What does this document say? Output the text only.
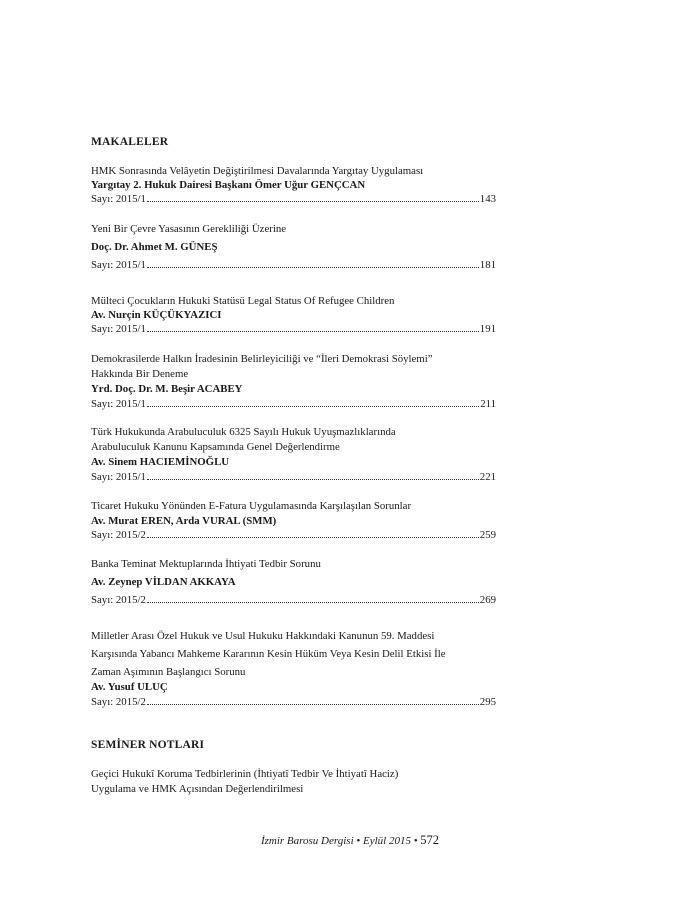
MAKALELER
HMK Sonrasında Velâyetin Değiştirilmesi Davalarında Yargıtay Uygulaması
Yargıtay 2. Hukuk Dairesi Başkanı Ömer Uğur GENÇCAN
Sayı: 2015/1	143
Yeni Bir Çevre Yasasının Gerekliliği Üzerine
Doç. Dr. Ahmet M. GÜNEŞ
Sayı: 2015/1	181
Mülteci Çocukların Hukuki Statüsü Legal Status Of Refugee Children
Av. Nurçin KÜÇÜKYAZICI
Sayı: 2015/1	191
Demokrasilerde Halkın İradesinin Belirleyiciliği ve “İleri Demokrasi Söylemi”
Hakkında Bir Deneme
Yrd. Doç. Dr. M. Beşir ACABEY
Sayı: 2015/1	211
Türk Hukukunda Arabuluculuk 6325 Sayılı Hukuk Uyuşmazlıklarında
Arabuluculuk Kanunu Kapsamında Genel Değerlendirme
Av. Sinem HACIEMİNOĞLU
Sayı: 2015/1	221
Ticaret Hukuku Yönünden E-Fatura Uygulamasında Karşılaşılan Sorunlar
Av. Murat EREN, Arda VURAL (SMM)
Sayı: 2015/2	259
Banka Teminat Mektuplarında İhtiyati Tedbir Sorunu
Av. Zeynep VİLDAN AKKAYA
Sayı: 2015/2	269
Milletler Arası Özel Hukuk ve Usul Hukuku Hakkındaki Kanunun 59. Maddesi
Karşısında Yabancı Mahkeme Kararının Kesin Hüküm Veya Kesin Delil Etkisi İle
Zaman Aşımının Başlangıcı Sorunu
Av. Yusuf ULUÇ
Sayı: 2015/2	295
SEMİNER NOTLARI
Geçici Hukukî Koruma Tedbirlerinin (İhtiyatî Tedbir Ve İhtiyatî Haciz)
Uygulama ve HMK Açısından Değerlendirilmesi
İzmir Barosu Dergisi • Eylül 2015 • 572
